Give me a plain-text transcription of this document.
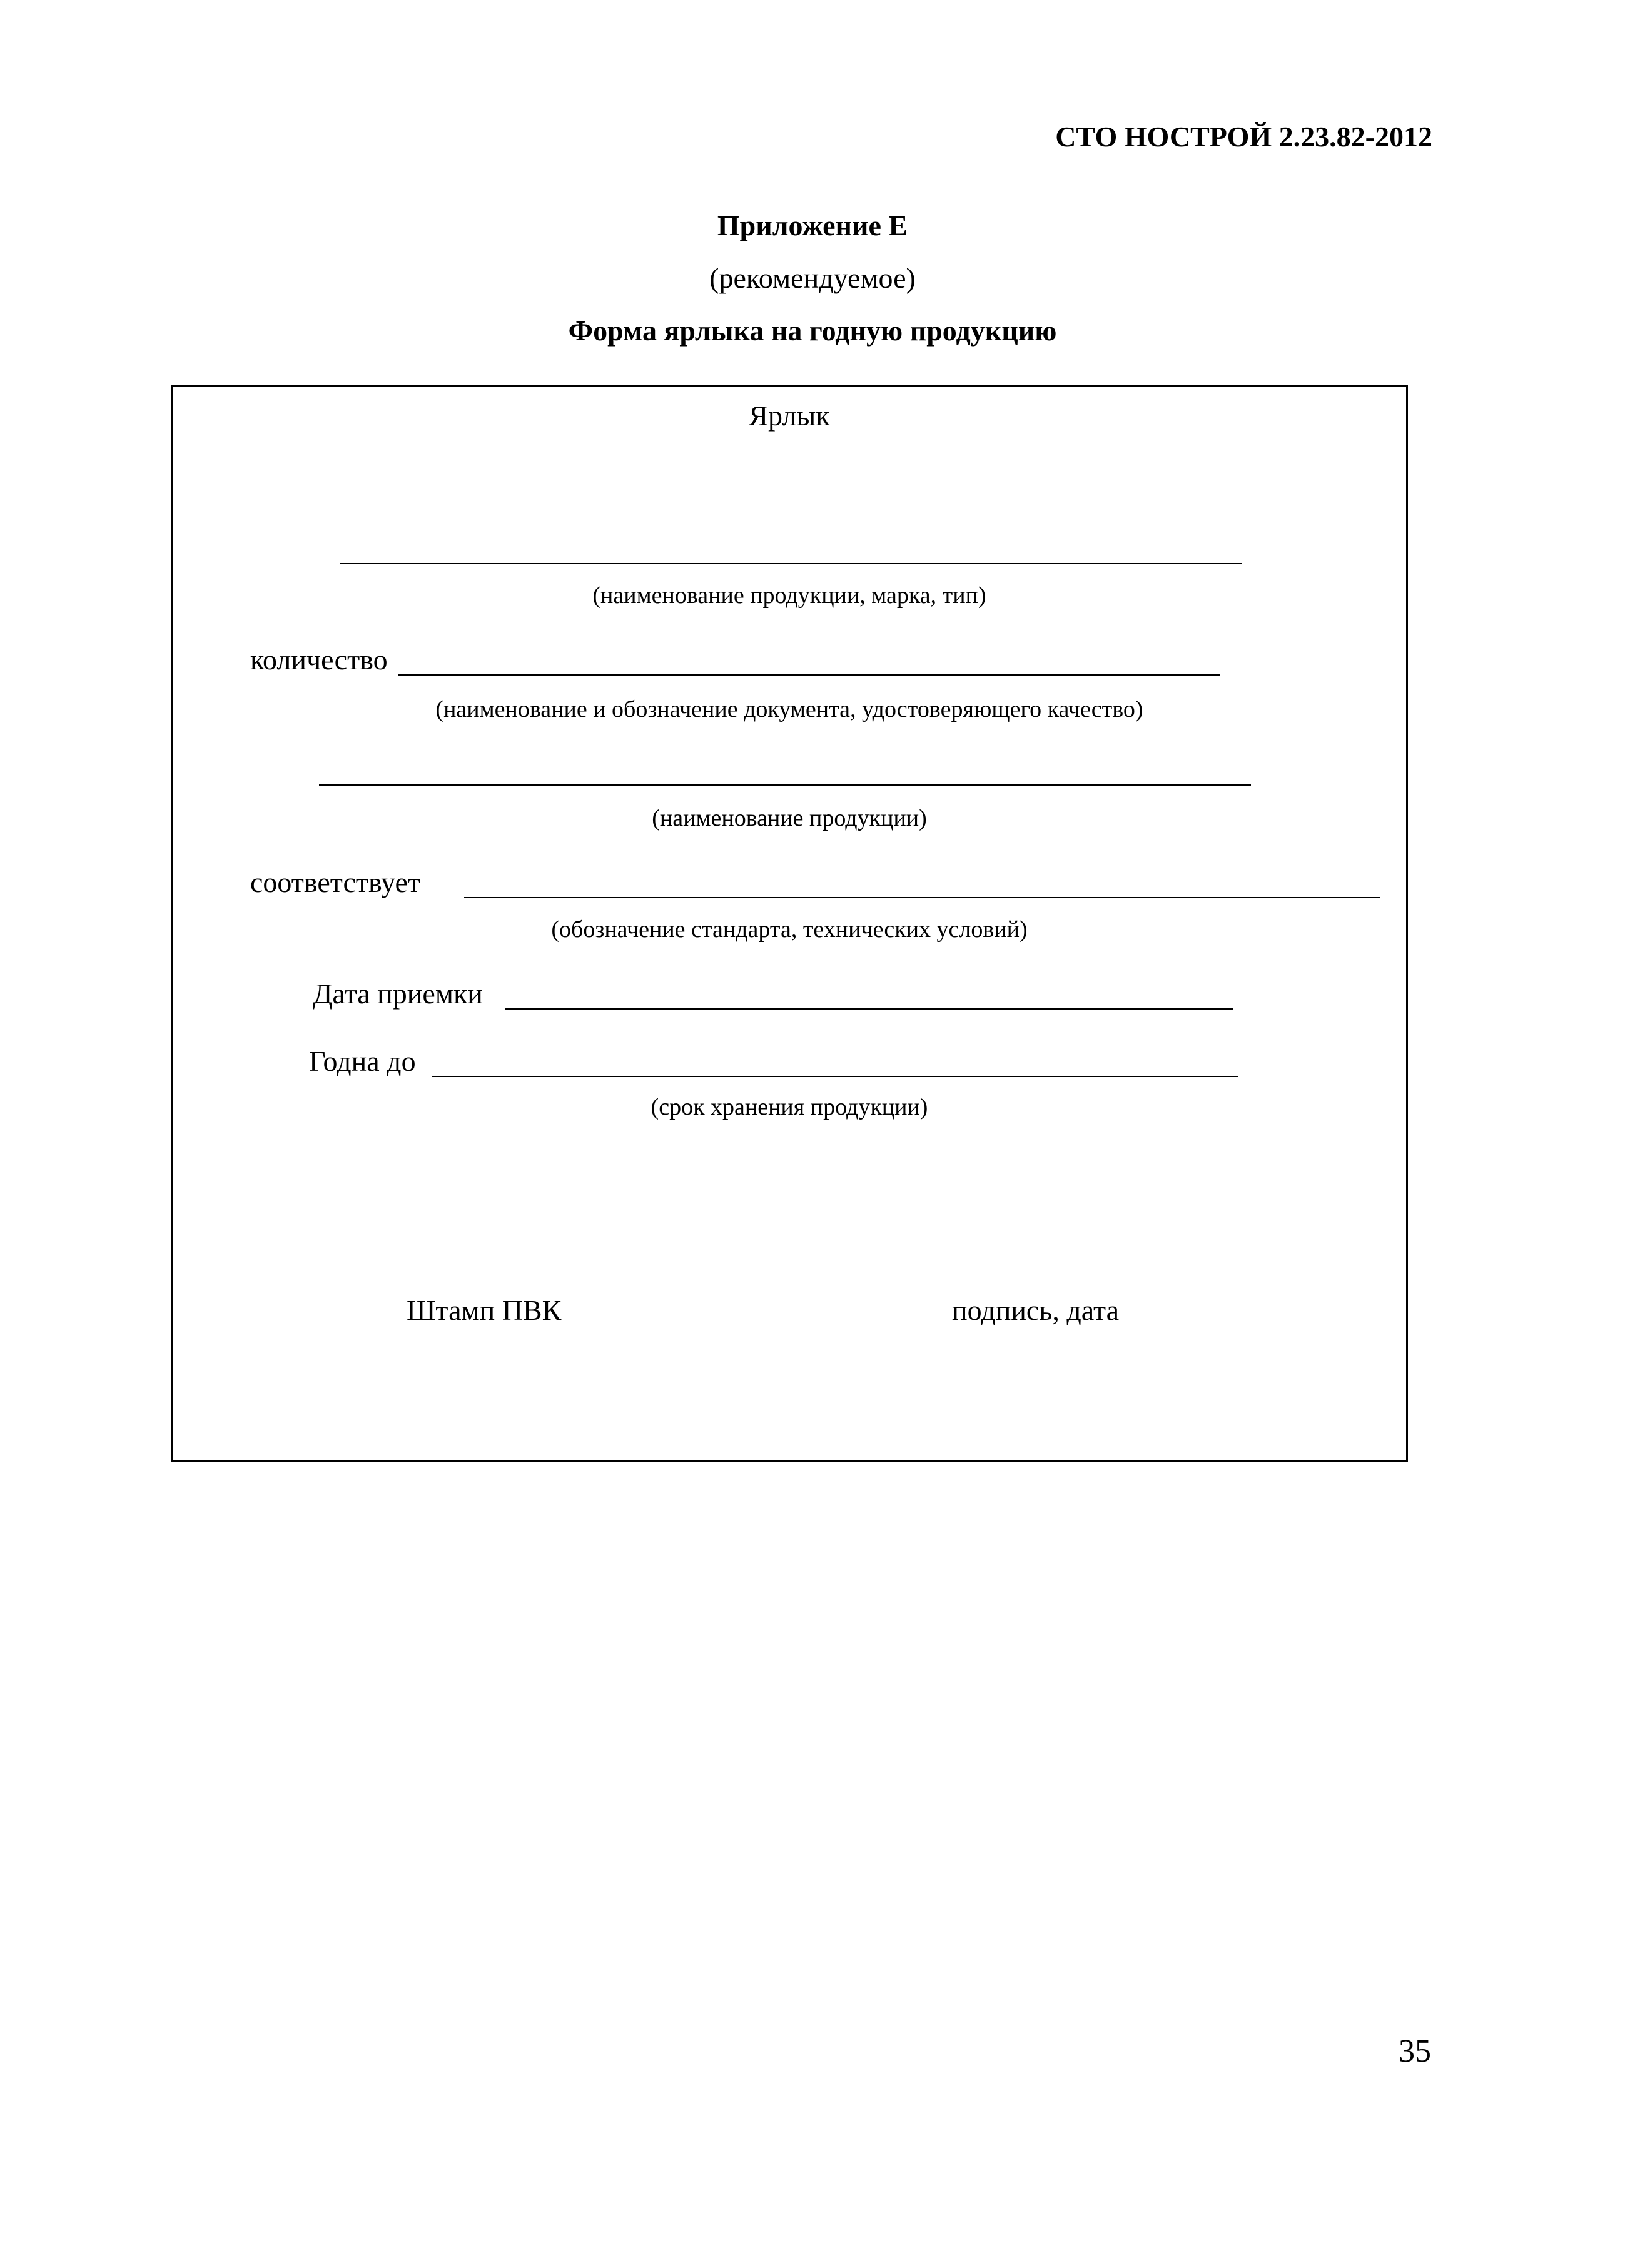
СТО НОСТРОЙ 2.23.82-2012
Приложение Е
(рекомендуемое)
Форма ярлыка на годную продукцию
Ярлык
(наименование продукции, марка, тип)
количество
(наименование и обозначение документа, удостоверяющего качество)
(наименование продукции)
соответствует
(обозначение стандарта, технических условий)
Дата приемки
Годна до
(срок хранения продукции)
Штамп ПВК	подпись, дата
35
